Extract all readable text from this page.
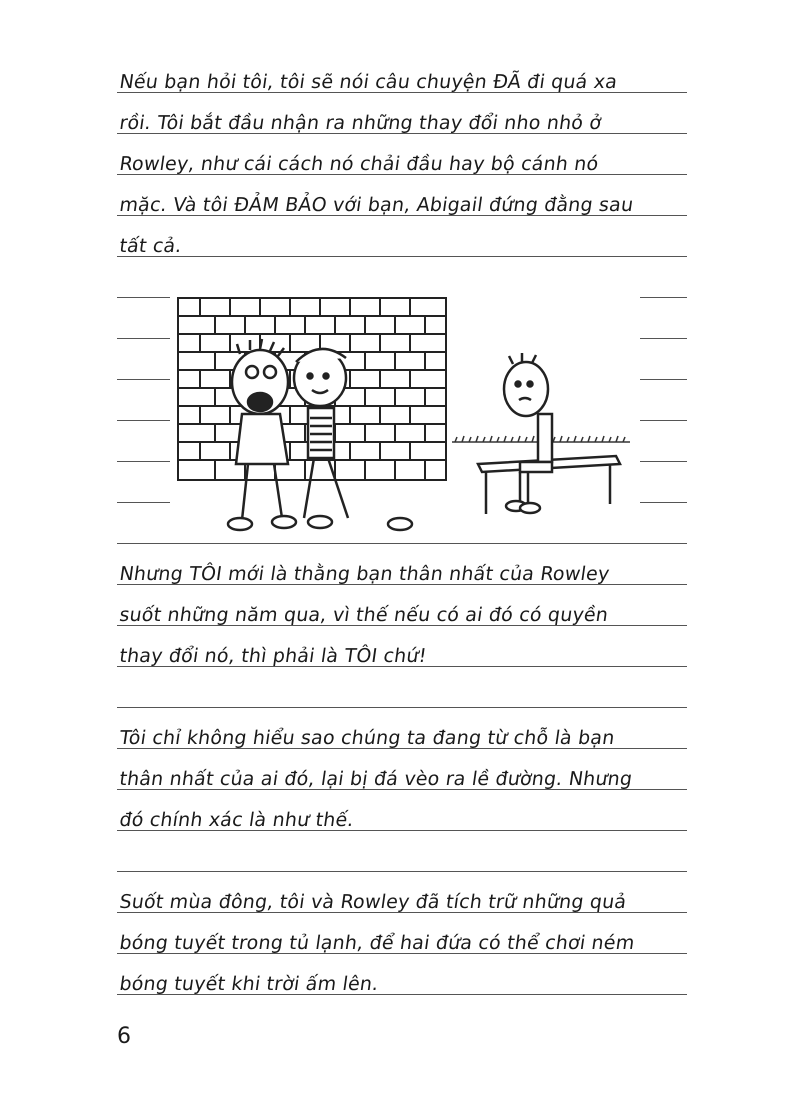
Nếu bạn hỏi tôi, tôi sẽ nói câu chuyện ĐÃ đi quá xa
rồi. Tôi bắt đầu nhận ra những thay đổi nho nhỏ ở
Rowley, như cái cách nó chải đầu hay bộ cánh nó
mặc. Và tôi ĐẢM BẢO với bạn, Abigail đứng đằng sau
tất cả.
Nhưng TÔI mới là thằng bạn thân nhất của Rowley
suốt những năm qua, vì thế nếu có ai đó có quyền
thay đổi nó, thì phải là TÔI chứ!
Tôi chỉ không hiểu sao chúng ta đang từ chỗ là bạn
thân nhất của ai đó, lại bị đá vèo ra lề đường. Nhưng
đó chính xác là như thế.
Suốt mùa đông, tôi và Rowley đã tích trữ những quả
bóng tuyết trong tủ lạnh, để hai đứa có thể chơi ném
bóng tuyết khi trời ấm lên.
6
